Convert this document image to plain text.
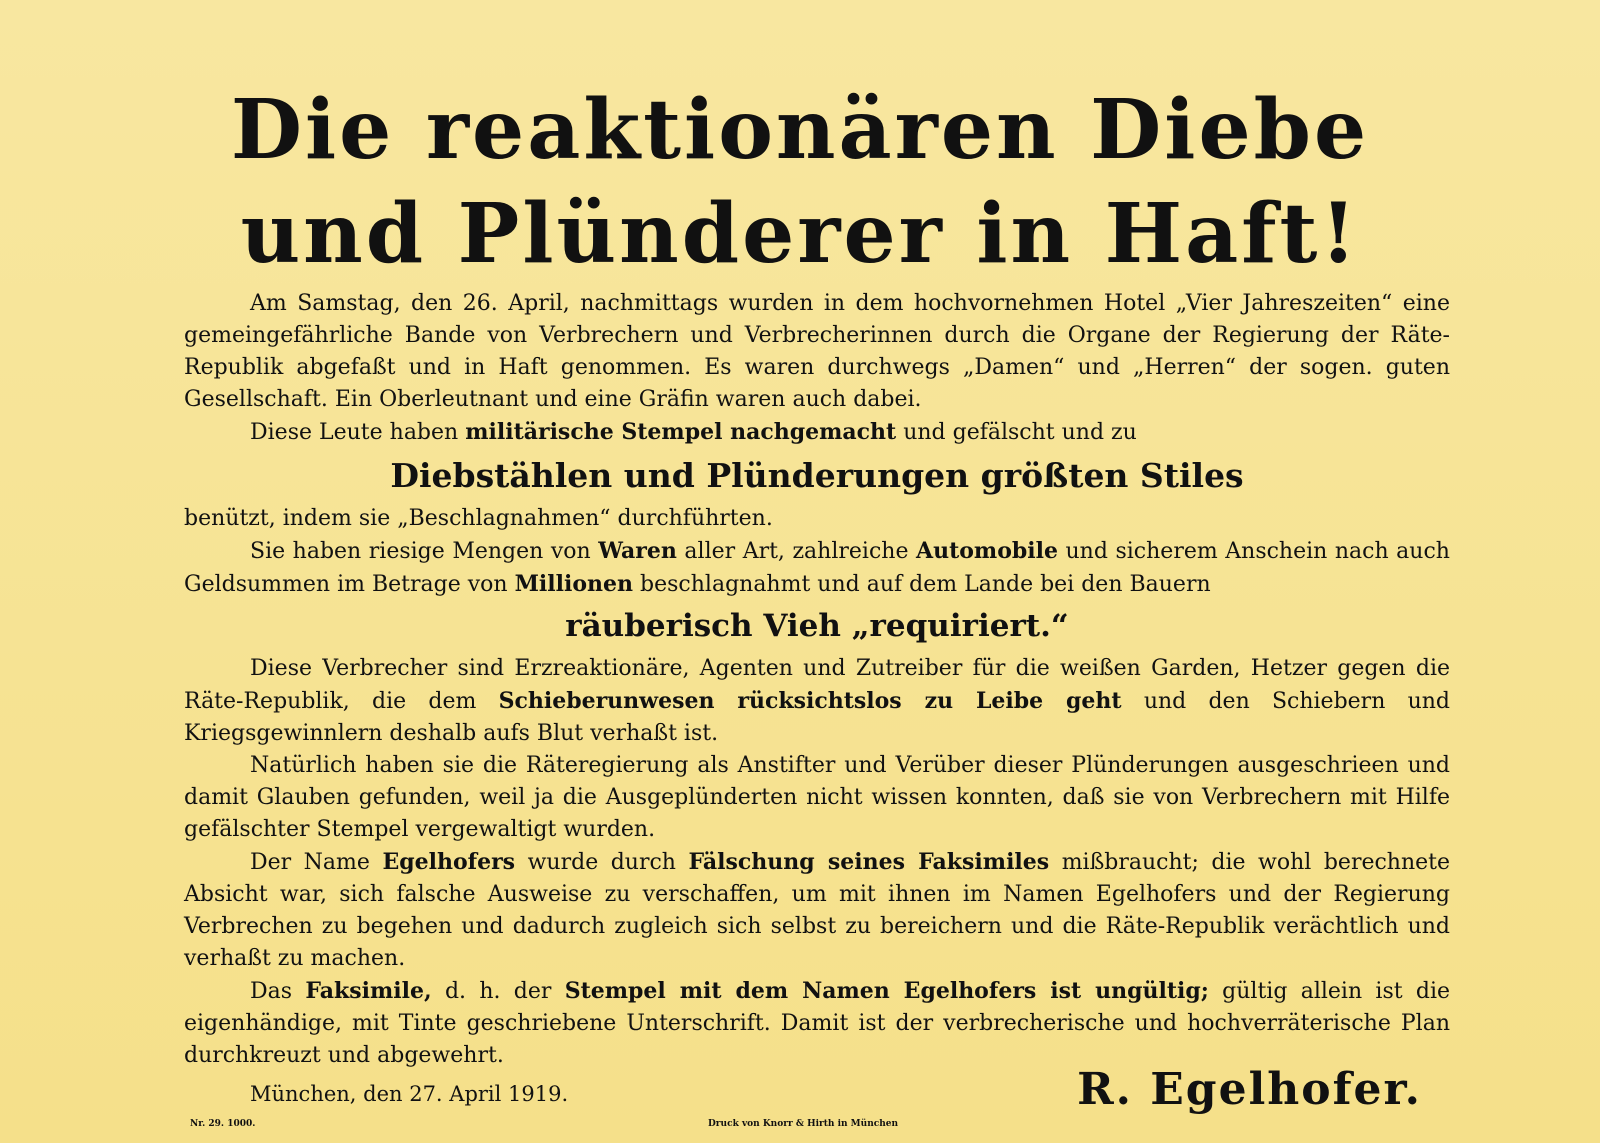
Die reaktionären Diebe
und Plünderer in Haft!

Am Samstag, den 26. April, nachmittags wurden in dem hochvornehmen Hotel „Vier Jahreszeiten“ eine gemeingefährliche Bande von Verbrechern und Verbrecherinnen durch die Organe der Regierung der Räte-Republik abgefaßt und in Haft genommen. Es waren durchwegs „Damen“ und „Herren“ der sogen. guten Gesellschaft. Ein Oberleutnant und eine Gräfin waren auch dabei.

Diese Leute haben militärische Stempel nachgemacht und gefälscht und zu

Diebstählen und Plünderungen größten Stiles

benützt, indem sie „Beschlagnahmen“ durchführten.

Sie haben riesige Mengen von Waren aller Art, zahlreiche Automobile und sicherem Anschein nach auch Geldsummen im Betrage von Millionen beschlagnahmt und auf dem Lande bei den Bauern

räuberisch Vieh „requiriert.“

Diese Verbrecher sind Erzreaktionäre, Agenten und Zutreiber für die weißen Garden, Hetzer gegen die Räte-Republik, die dem Schieberunwesen rücksichtslos zu Leibe geht und den Schiebern und Kriegsgewinnlern deshalb aufs Blut verhaßt ist.

Natürlich haben sie die Räteregierung als Anstifter und Verüber dieser Plünderungen ausgeschrieen und damit Glauben gefunden, weil ja die Ausgeplünderten nicht wissen konnten, daß sie von Verbrechern mit Hilfe gefälschter Stempel vergewaltigt wurden.

Der Name Egelhofers wurde durch Fälschung seines Faksimiles mißbraucht; die wohl berechnete Absicht war, sich falsche Ausweise zu verschaffen, um mit ihnen im Namen Egelhofers und der Regierung Verbrechen zu begehen und dadurch zugleich sich selbst zu bereichern und die Räte-Republik verächtlich und verhaßt zu machen.

Das Faksimile, d. h. der Stempel mit dem Namen Egelhofers ist ungültig; gültig allein ist die eigenhändige, mit Tinte geschriebene Unterschrift. Damit ist der verbrecherische und hochverräterische Plan durchkreuzt und abgewehrt.

München, den 27. April 1919.	R. Egelhofer.
Nr. 29. 1000.	Druck von Knorr & Hirth in München
